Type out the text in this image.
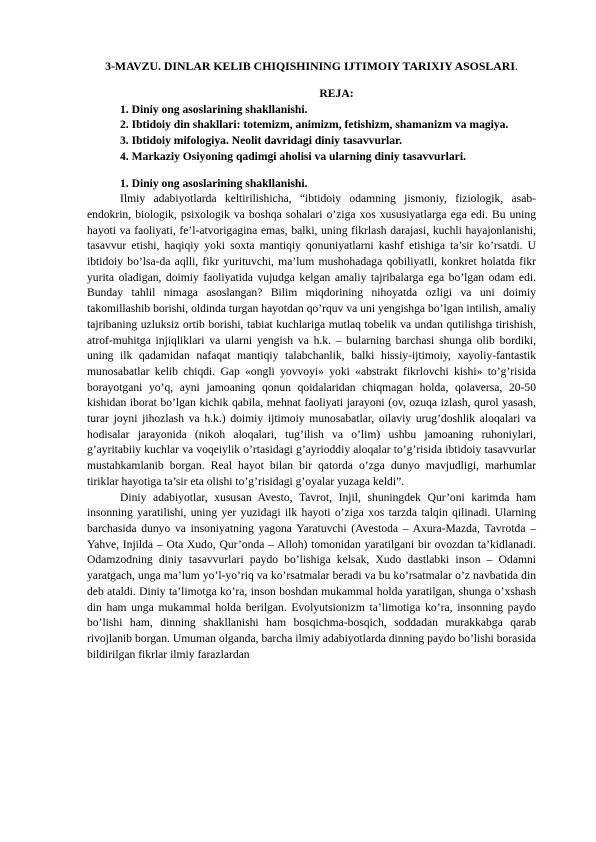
3-MAVZU. DINLAR KELIB CHIQISHINING IJTIMOIY TARIXIY ASOSLARI.
REJA:
1. Diniy ong asoslarining shakllanishi.
2. Ibtidoiy din shakllari: totemizm, animizm, fetishizm, shamanizm va magiya.
3. Ibtidoiy mifologiya. Neolit davridagi diniy tasavvurlar.
4. Markaziy Osiyoning qadimgi aholisi va ularning diniy tasavvurlari.
1. Diniy ong asoslarining shakllanishi.

Ilmiy adabiyotlarda keltirilishicha, “ibtidoiy odamning jismoniy, fiziologik, asab-endokrin, biologik, psixologik va boshqa sohalari o’ziga xos xususiyatlarga ega edi. Bu uning hayoti va faoliyati, fe’l-atvorigagina emas, balki, uning fikrlash darajasi, kuchli hayajonlanishi, tasavvur etishi, haqiqiy yoki soxta mantiqiy qonuniyatlarni kashf etishiga ta’sir ko’rsatdi. U ibtidoiy bo’lsa-da aqlli, fikr yurituvchi, ma’lum mushohadaga qobiliyatli, konkret holatda fikr yurita oladigan, doimiy faoliyatida vujudga kelgan amaliy tajribalarga ega bo’lgan odam edi. Bunday tahlil nimaga asoslangan? Bilim miqdorining nihoyatda ozligi va uni doimiy takomillashib borishi, oldinda turgan hayotdan qo’rquv va uni yengishga bo’lgan intilish, amaliy tajribaning uzluksiz ortib borishi, tabiat kuchlariga mutlaq tobelik va undan qutilishga tirishish, atrof-muhitga injiqliklari va ularni yengish va h.k. – bularning barchasi shunga olib bordiki, uning ilk qadamidan nafaqat mantiqiy talabchanlik, balki hissiy-ijtimoiy, xayoliy-fantastik munosabatlar kelib chiqdi. Gap «ongli yovvoyi» yoki «abstrakt fikrlovchi kishi» to’g’risida borayotgani yo’q, ayni jamoaning qonun qoidalaridan chiqmagan holda, qolaversa, 20-50 kishidan iborat bo’lgan kichik qabila, mehnat faoliyati jarayoni (ov, ozuqa izlash, qurol yasash, turar joyni jihozlash va h.k.) doimiy ijtimoiy munosabatlar, oilaviy urug’doshlik aloqalari va hodisalar jarayonida (nikoh aloqalari, tug’ilish va o’lim) ushbu jamoaning ruhoniylari, g’ayritabiiy kuchlar va voqeiylik o’rtasidagi g’ayrioddiy aloqalar to’g’risida ibtidoiy tasavvurlar mustahkamlanib borgan. Real hayot bilan bir qatorda o’zga dunyo mavjudligi, marhumlar tiriklar hayotiga ta’sir eta olishi to’g’risidagi g’oyalar yuzaga keldi”.

Diniy adabiyotlar, xususan Avesto, Tavrot, Injil, shuningdek Qur’oni karimda ham insonning yaratilishi, uning yer yuzidagi ilk hayoti o’ziga xos tarzda talqin qilinadi. Ularning barchasida dunyo va insoniyatning yagona Yaratuvchi (Avestoda – Axura-Mazda, Tavrotda – Yahve, Injilda – Ota Xudo, Qur’onda – Alloh) tomonidan yaratilgani bir ovozdan ta’kidlanadi. Odamzodning diniy tasavvurlari paydo bo’lishiga kelsak, Xudo dastlabki inson – Odamni yaratgach, unga ma’lum yo’l-yo’riq va ko’rsatmalar beradi va bu ko’rsatmalar o’z navbatida din deb ataldi. Diniy ta’limotga ko’ra, inson boshdan mukammal holda yaratilgan, shunga o’xshash din ham unga mukammal holda berilgan. Evolyutsionizm ta’limotiga ko’ra, insonning paydo bo’lishi ham, dinning shakllanishi ham bosqichma-bosqich, soddadan murakkabga qarab rivojlanib borgan. Umuman olganda, barcha ilmiy adabiyotlarda dinning paydo bo’lishi borasida bildirilgan fikrlar ilmiy farazlardan
